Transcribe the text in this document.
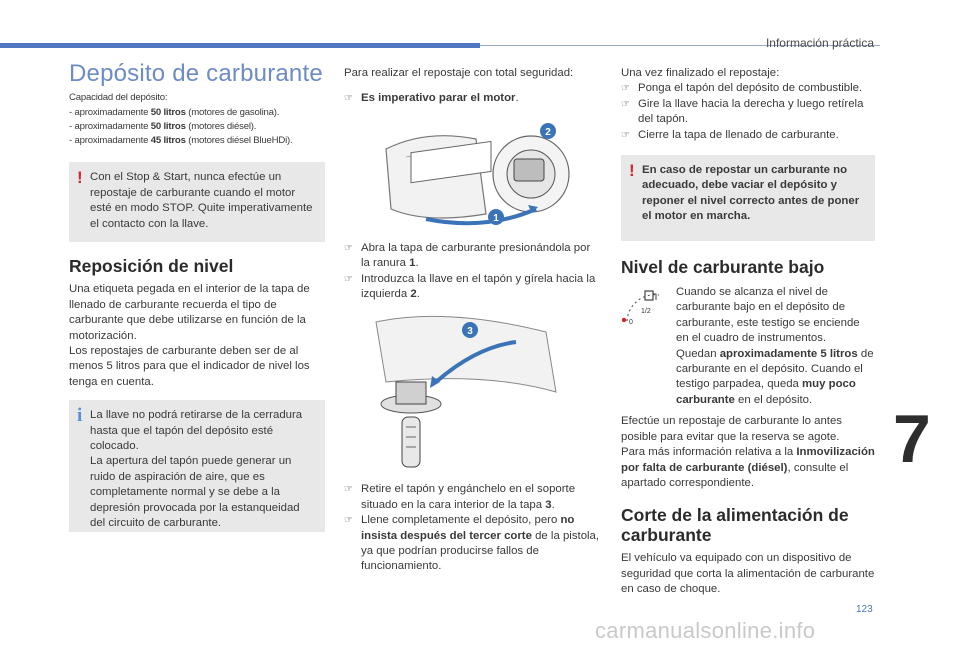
Información práctica
Depósito de carburante
Capacidad del depósito:
- aproximadamente 50 litros (motores de gasolina).
- aproximadamente 50 litros (motores diésel).
- aproximadamente 45 litros (motores diésel BlueHDi).
! Con el Stop & Start, nunca efectúe un repostaje de carburante cuando el motor esté en modo STOP. Quite imperativamente el contacto con la llave.

Reposición de nivel

Una etiqueta pegada en el interior de la tapa de llenado de carburante recuerda el tipo de carburante que debe utilizarse en función de la motorización.

Los repostajes de carburante deben ser de al menos 5 litros para que el indicador de nivel los tenga en cuenta.

i La llave no podrá retirarse de la cerradura hasta que el tapón del depósito esté colocado.

La apertura del tapón puede generar un ruido de aspiración de aire, que es completamente normal y se debe a la depresión provocada por la estanqueidad del circuito de carburante.

Para realizar el repostaje con total seguridad:

☞ Es imperativo parar el motor.
2
1
☞ Abra la tapa de carburante presionándola por la ranura 1.
☞ Introduzca la llave en el tapón y gírela hacia la izquierda 2.
3
☞ Retire el tapón y engánchelo en el soporte situado en la cara interior de la tapa 3.
☞ Llene completamente el depósito, pero no insista después del tercer corte de la pistola, ya que podrían producirse fallos de funcionamiento.

Una vez finalizado el repostaje:

☞ Ponga el tapón del depósito de combustible.
☞ Gire la llave hacia la derecha y luego retírela del tapón.
☞ Cierre la tapa de llenado de carburante.
! En caso de repostar un carburante no adecuado, debe vaciar el depósito y reponer el nivel correcto antes de poner el motor en marcha.

Nivel de carburante bajo
1/2
0

Cuando se alcanza el nivel de carburante bajo en el depósito de carburante, este testigo se enciende en el cuadro de instrumentos.

Quedan aproximadamente 5 litros de carburante en el depósito. Cuando el testigo parpadea, queda muy poco carburante en el depósito.

Efectúe un repostaje de carburante lo antes posible para evitar que la reserva se agote.

Para más información relativa a la Inmovilización por falta de carburante (diésel), consulte el apartado correspondiente.

Corte de la alimentación de carburante

El vehículo va equipado con un dispositivo de seguridad que corta la alimentación de carburante en caso de choque.

7
123
carmanualsonline.info
